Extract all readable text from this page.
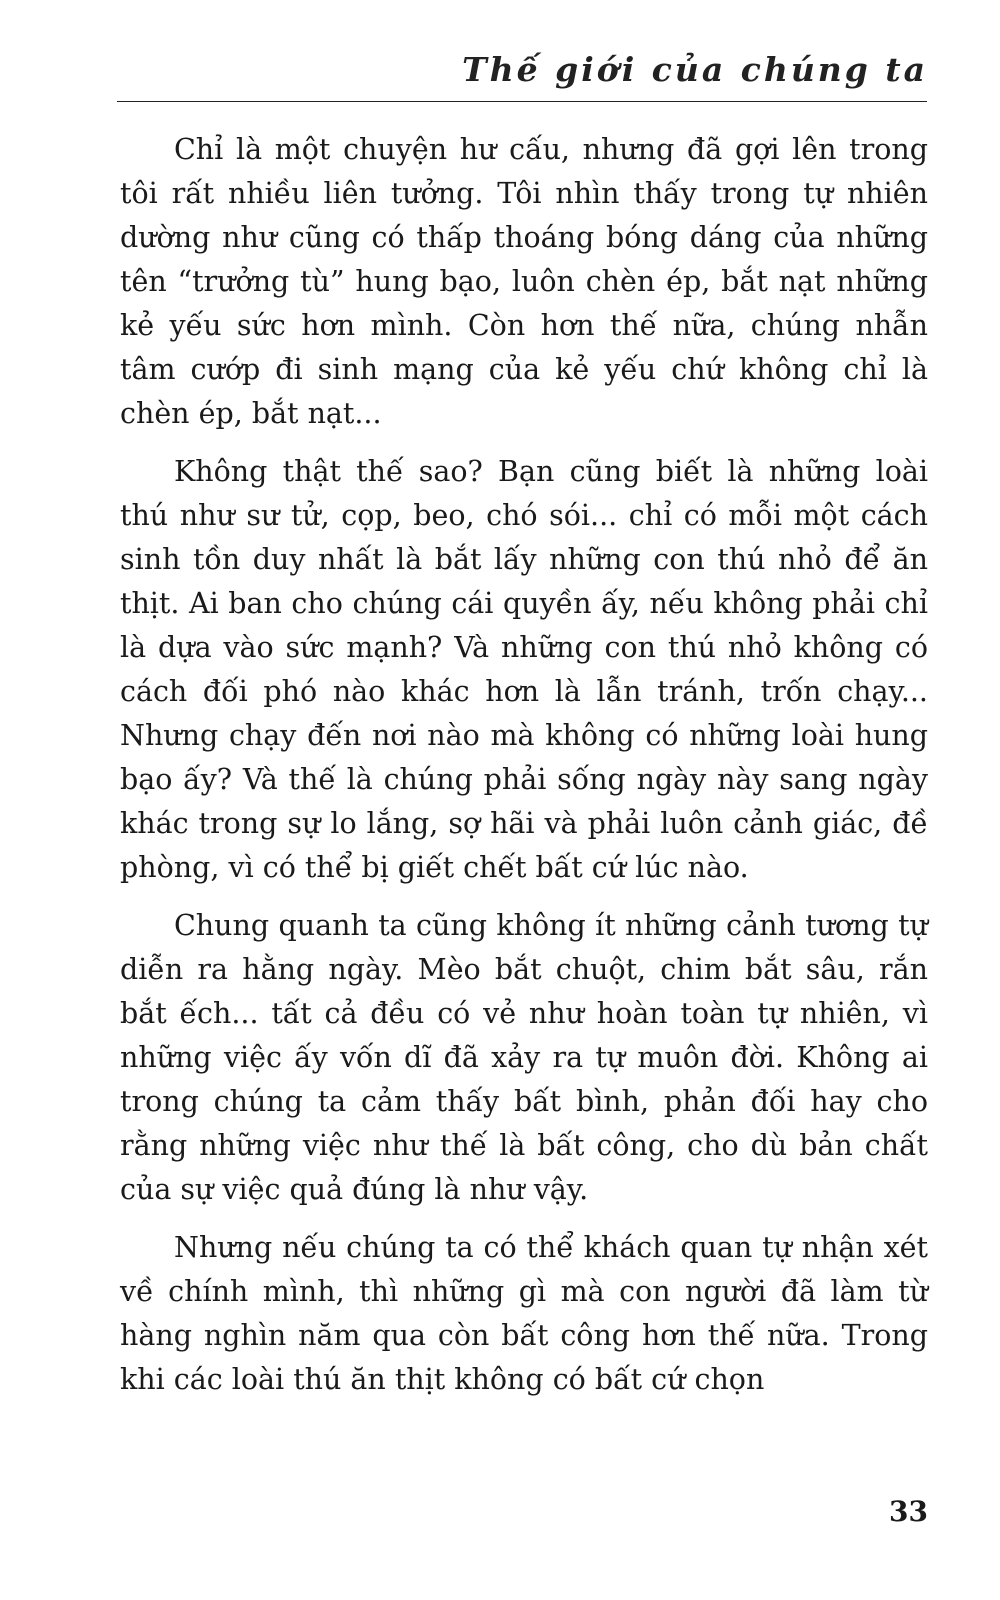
Thế giới của chúng ta

Chỉ là một chuyện hư cấu, nhưng đã gợi lên trong tôi rất nhiều liên tưởng. Tôi nhìn thấy trong tự nhiên dường như cũng có thấp thoáng bóng dáng của những tên “trưởng tù” hung bạo, luôn chèn ép, bắt nạt những kẻ yếu sức hơn mình. Còn hơn thế nữa, chúng nhẫn tâm cướp đi sinh mạng của kẻ yếu chứ không chỉ là chèn ép, bắt nạt...

Không thật thế sao? Bạn cũng biết là những loài thú như sư tử, cọp, beo, chó sói... chỉ có mỗi một cách sinh tồn duy nhất là bắt lấy những con thú nhỏ để ăn thịt. Ai ban cho chúng cái quyền ấy, nếu không phải chỉ là dựa vào sức mạnh? Và những con thú nhỏ không có cách đối phó nào khác hơn là lẫn tránh, trốn chạy... Nhưng chạy đến nơi nào mà không có những loài hung bạo ấy? Và thế là chúng phải sống ngày này sang ngày khác trong sự lo lắng, sợ hãi và phải luôn cảnh giác, đề phòng, vì có thể bị giết chết bất cứ lúc nào.

Chung quanh ta cũng không ít những cảnh tương tự diễn ra hằng ngày. Mèo bắt chuột, chim bắt sâu, rắn bắt ếch... tất cả đều có vẻ như hoàn toàn tự nhiên, vì những việc ấy vốn dĩ đã xảy ra tự muôn đời. Không ai trong chúng ta cảm thấy bất bình, phản đối hay cho rằng những việc như thế là bất công, cho dù bản chất của sự việc quả đúng là như vậy.

Nhưng nếu chúng ta có thể khách quan tự nhận xét về chính mình, thì những gì mà con người đã làm từ hàng nghìn năm qua còn bất công hơn thế nữa. Trong khi các loài thú ăn thịt không có bất cứ chọn

33
